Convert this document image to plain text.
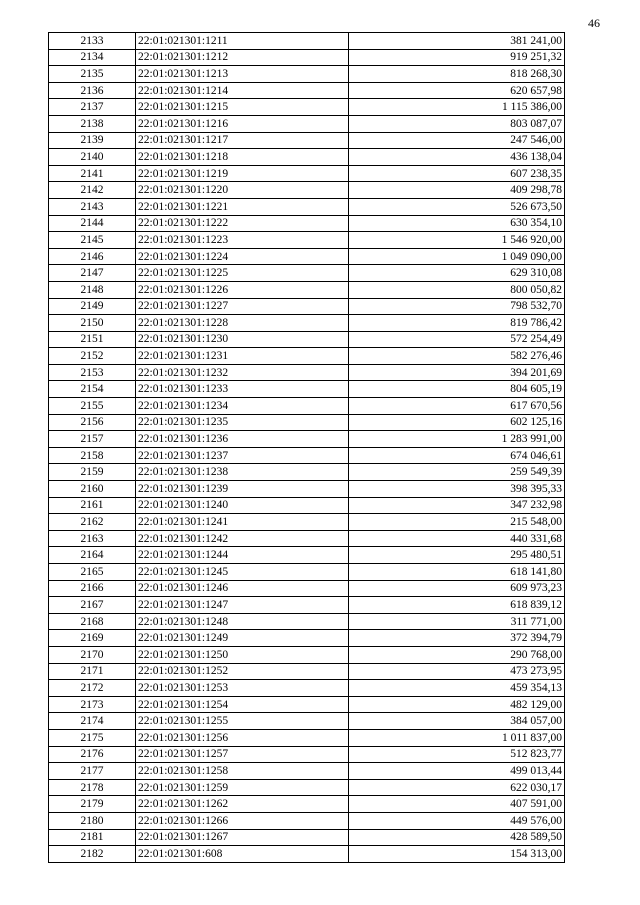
46
2133	22:01:021301:1211	381 241,00
2134	22:01:021301:1212	919 251,32
2135	22:01:021301:1213	818 268,30
2136	22:01:021301:1214	620 657,98
2137	22:01:021301:1215	1 115 386,00
2138	22:01:021301:1216	803 087,07
2139	22:01:021301:1217	247 546,00
2140	22:01:021301:1218	436 138,04
2141	22:01:021301:1219	607 238,35
2142	22:01:021301:1220	409 298,78
2143	22:01:021301:1221	526 673,50
2144	22:01:021301:1222	630 354,10
2145	22:01:021301:1223	1 546 920,00
2146	22:01:021301:1224	1 049 090,00
2147	22:01:021301:1225	629 310,08
2148	22:01:021301:1226	800 050,82
2149	22:01:021301:1227	798 532,70
2150	22:01:021301:1228	819 786,42
2151	22:01:021301:1230	572 254,49
2152	22:01:021301:1231	582 276,46
2153	22:01:021301:1232	394 201,69
2154	22:01:021301:1233	804 605,19
2155	22:01:021301:1234	617 670,56
2156	22:01:021301:1235	602 125,16
2157	22:01:021301:1236	1 283 991,00
2158	22:01:021301:1237	674 046,61
2159	22:01:021301:1238	259 549,39
2160	22:01:021301:1239	398 395,33
2161	22:01:021301:1240	347 232,98
2162	22:01:021301:1241	215 548,00
2163	22:01:021301:1242	440 331,68
2164	22:01:021301:1244	295 480,51
2165	22:01:021301:1245	618 141,80
2166	22:01:021301:1246	609 973,23
2167	22:01:021301:1247	618 839,12
2168	22:01:021301:1248	311 771,00
2169	22:01:021301:1249	372 394,79
2170	22:01:021301:1250	290 768,00
2171	22:01:021301:1252	473 273,95
2172	22:01:021301:1253	459 354,13
2173	22:01:021301:1254	482 129,00
2174	22:01:021301:1255	384 057,00
2175	22:01:021301:1256	1 011 837,00
2176	22:01:021301:1257	512 823,77
2177	22:01:021301:1258	499 013,44
2178	22:01:021301:1259	622 030,17
2179	22:01:021301:1262	407 591,00
2180	22:01:021301:1266	449 576,00
2181	22:01:021301:1267	428 589,50
2182	22:01:021301:608	154 313,00
